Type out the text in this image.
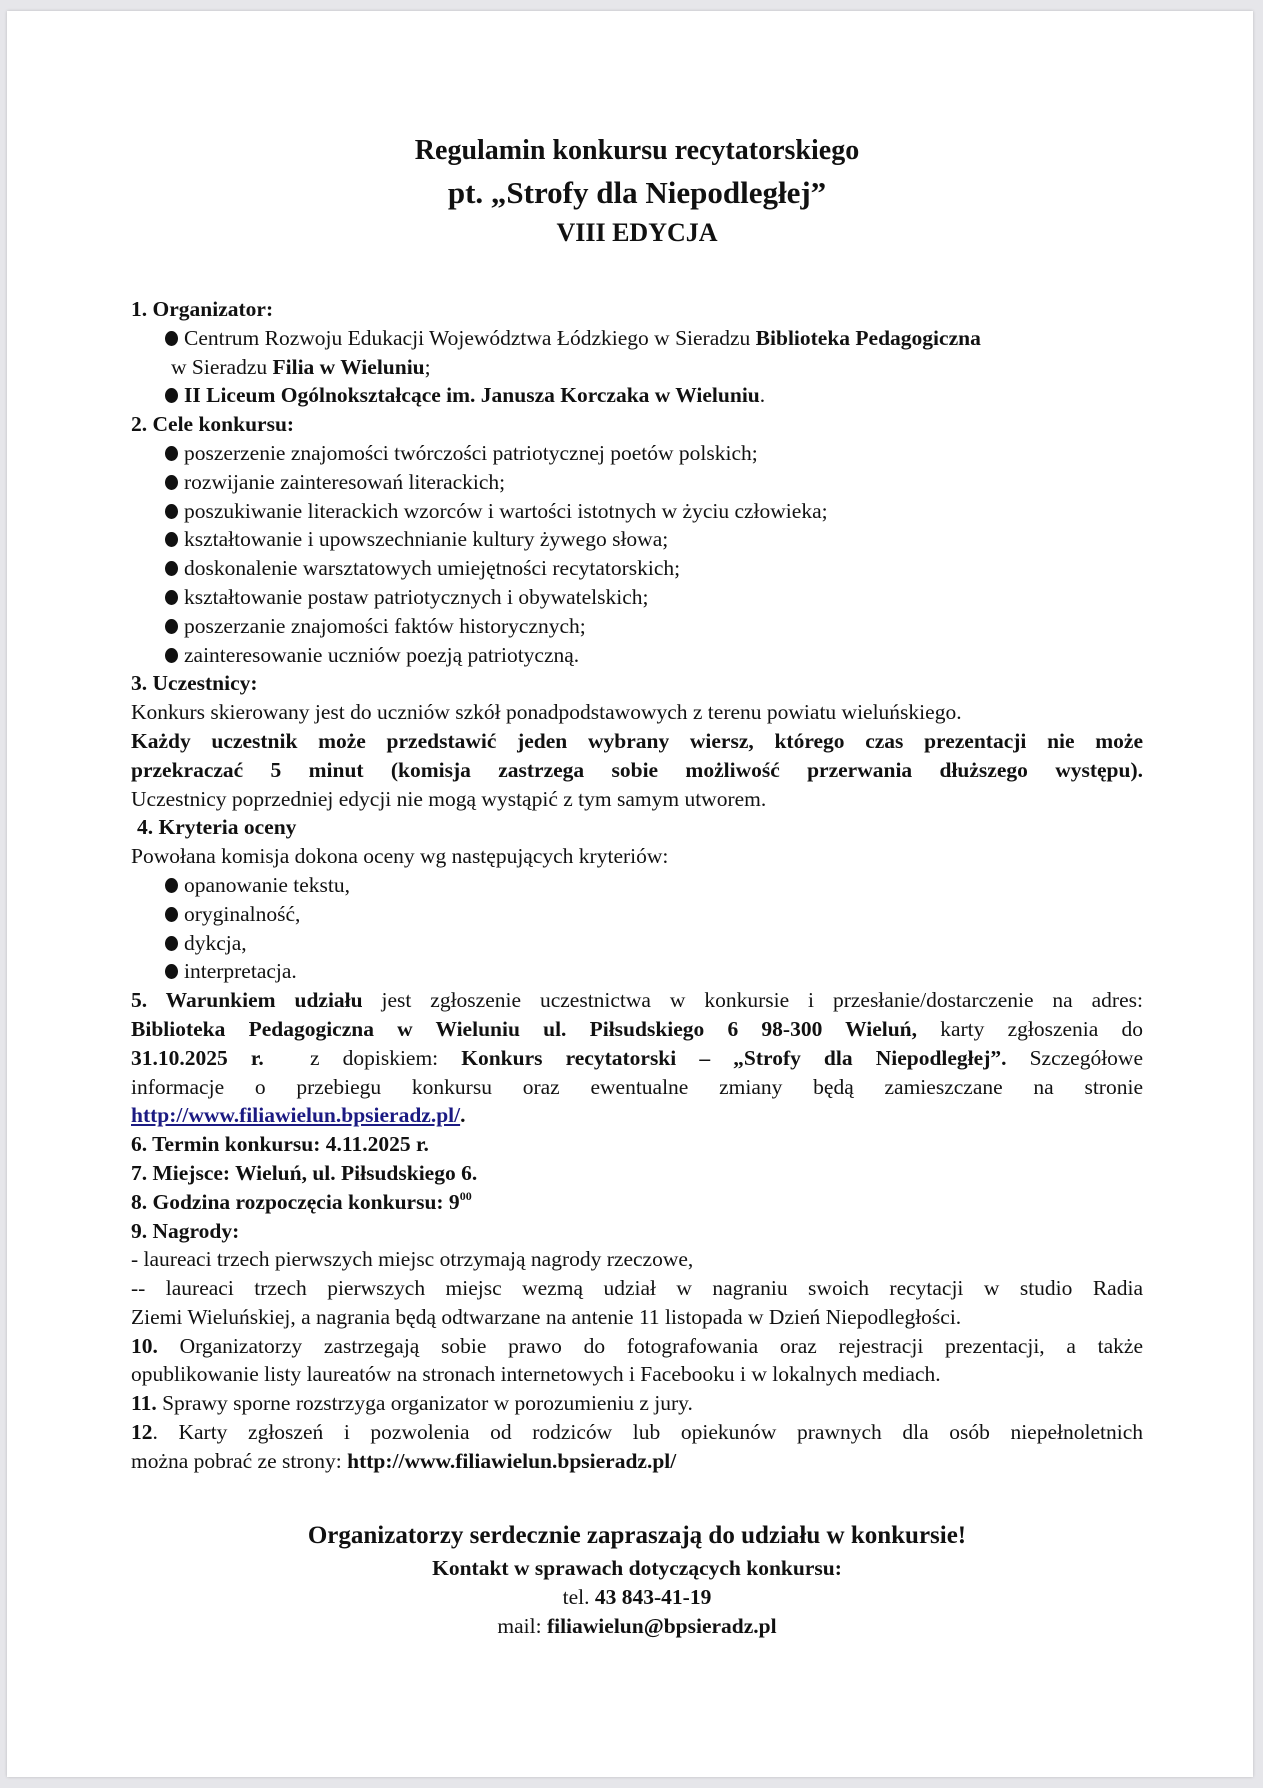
Regulamin konkursu recytatorskiego
pt. „Strofy dla Niepodległej”
VIII EDYCJA
1. Organizator:
Centrum Rozwoju Edukacji Województwa Łódzkiego w Sieradzu Biblioteka Pedagogiczna
w Sieradzu Filia w Wieluniu;
II Liceum Ogólnokształcące im. Janusza Korczaka w Wieluniu.
2. Cele konkursu:
poszerzenie znajomości twórczości patriotycznej poetów polskich;
rozwijanie zainteresowań literackich;
poszukiwanie literackich wzorców i wartości istotnych w życiu człowieka;
kształtowanie i upowszechnianie kultury żywego słowa;
doskonalenie warsztatowych umiejętności recytatorskich;
kształtowanie postaw patriotycznych i obywatelskich;
poszerzanie znajomości faktów historycznych;
zainteresowanie uczniów poezją patriotyczną.
3. Uczestnicy:
Konkurs skierowany jest do uczniów szkół ponadpodstawowych z terenu powiatu wieluńskiego.
Każdy uczestnik może przedstawić jeden wybrany wiersz, którego czas prezentacji nie może
przekraczać 5 minut (komisja zastrzega sobie możliwość przerwania dłuższego występu).
Uczestnicy poprzedniej edycji nie mogą wystąpić z tym samym utworem.
4. Kryteria oceny
Powołana komisja dokona oceny wg następujących kryteriów:
opanowanie tekstu,
oryginalność,
dykcja,
interpretacja.
5. Warunkiem udziału jest zgłoszenie uczestnictwa w konkursie i przesłanie/dostarczenie na adres:
Biblioteka Pedagogiczna w Wieluniu ul. Piłsudskiego 6 98-300 Wieluń, karty zgłoszenia do
31.10.2025 r.  z dopiskiem: Konkurs recytatorski – „Strofy dla Niepodległej”. Szczegółowe
informacje o przebiegu konkursu oraz ewentualne zmiany będą zamieszczane na stronie
http://www.filiawielun.bpsieradz.pl/.
6. Termin konkursu: 4.11.2025 r.
7. Miejsce: Wieluń, ul. Piłsudskiego 6.
8. Godzina rozpoczęcia konkursu: $9^{00}$
9. Nagrody:
- laureaci trzech pierwszych miejsc otrzymają nagrody rzeczowe,
-- laureaci trzech pierwszych miejsc wezmą udział w nagraniu swoich recytacji w studio Radia
Ziemi Wieluńskiej, a nagrania będą odtwarzane na antenie 11 listopada w Dzień Niepodległości.
10. Organizatorzy zastrzegają sobie prawo do fotografowania oraz rejestracji prezentacji, a także
opublikowanie listy laureatów na stronach internetowych i Facebooku i w lokalnych mediach.
11. Sprawy sporne rozstrzyga organizator w porozumieniu z jury.
12. Karty zgłoszeń i pozwolenia od rodziców lub opiekunów prawnych dla osób niepełnoletnich
można pobrać ze strony: http://www.filiawielun.bpsieradz.pl/
Organizatorzy serdecznie zapraszają do udziału w konkursie!
Kontakt w sprawach dotyczących konkursu:
tel. 43 843-41-19
mail: filiawielun@bpsieradz.pl
